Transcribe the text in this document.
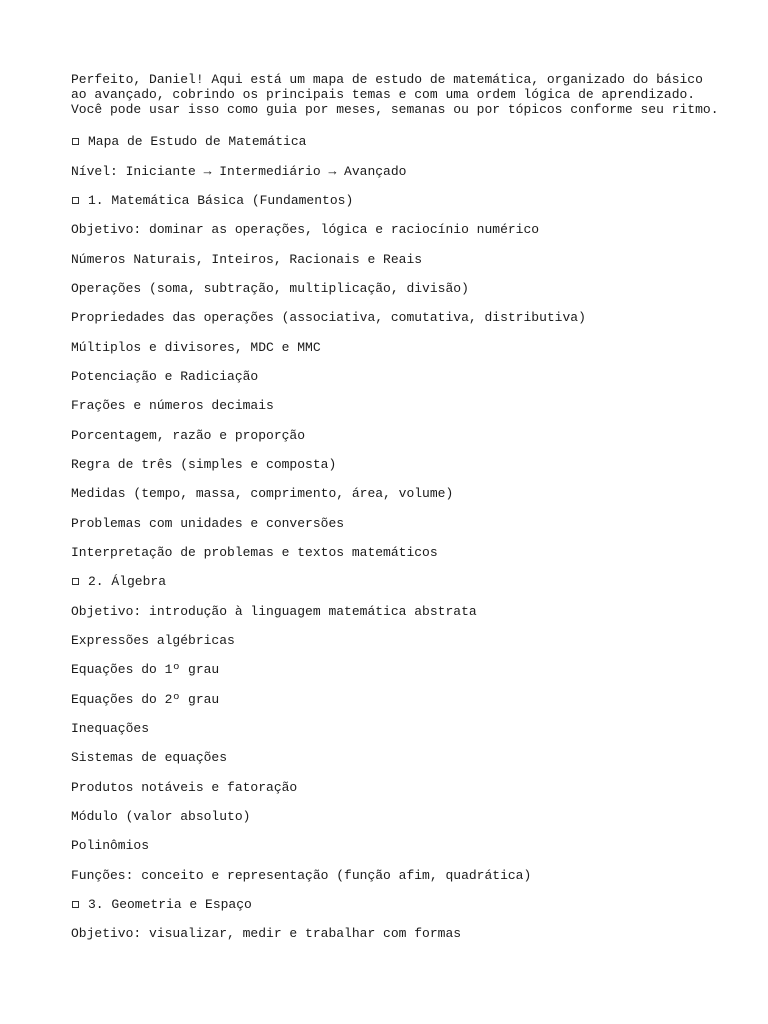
Perfeito, Daniel! Aqui está um mapa de estudo de matemática, organizado do básico
ao avançado, cobrindo os principais temas e com uma ordem lógica de aprendizado.
Você pode usar isso como guia por meses, semanas ou por tópicos conforme seu ritmo.

Mapa de Estudo de Matemática
Nível: Iniciante → Intermediário → Avançado
1. Matemática Básica (Fundamentos)
Objetivo: dominar as operações, lógica e raciocínio numérico
Números Naturais, Inteiros, Racionais e Reais
Operações (soma, subtração, multiplicação, divisão)
Propriedades das operações (associativa, comutativa, distributiva)
Múltiplos e divisores, MDC e MMC
Potenciação e Radiciação
Frações e números decimais
Porcentagem, razão e proporção
Regra de três (simples e composta)
Medidas (tempo, massa, comprimento, área, volume)
Problemas com unidades e conversões
Interpretação de problemas e textos matemáticos
2. Álgebra
Objetivo: introdução à linguagem matemática abstrata
Expressões algébricas
Equações do 1º grau
Equações do 2º grau
Inequações
Sistemas de equações
Produtos notáveis e fatoração
Módulo (valor absoluto)
Polinômios
Funções: conceito e representação (função afim, quadrática)
3. Geometria e Espaço
Objetivo: visualizar, medir e trabalhar com formas
